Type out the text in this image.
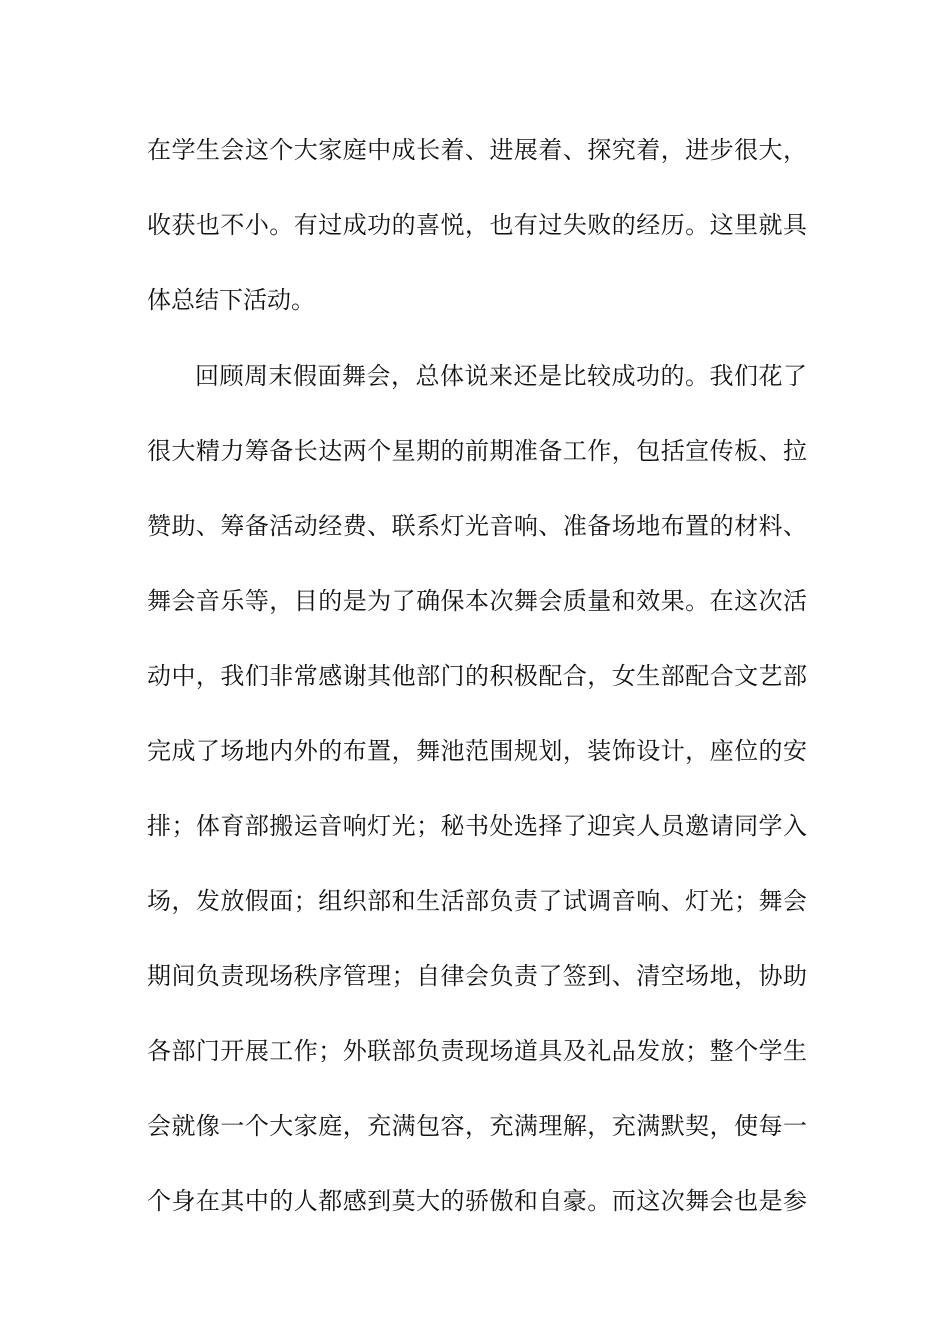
在学生会这个大家庭中成长着、进展着、探究着，进步很大，
收获也不小。有过成功的喜悦，也有过失败的经历。这里就具
体总结下活动。
回顾周末假面舞会，总体说来还是比较成功的。我们花了
很大精力筹备长达两个星期的前期准备工作，包括宣传板、拉
赞助、筹备活动经费、联系灯光音响、准备场地布置的材料、
舞会音乐等，目的是为了确保本次舞会质量和效果。在这次活
动中，我们非常感谢其他部门的积极配合，女生部配合文艺部
完成了场地内外的布置，舞池范围规划，装饰设计，座位的安
排；体育部搬运音响灯光；秘书处选择了迎宾人员邀请同学入
场，发放假面；组织部和生活部负责了试调音响、灯光；舞会
期间负责现场秩序管理；自律会负责了签到、清空场地，协助
各部门开展工作；外联部负责现场道具及礼品发放；整个学生
会就像一个大家庭，充满包容，充满理解，充满默契，使每一
个身在其中的人都感到莫大的骄傲和自豪。而这次舞会也是参
